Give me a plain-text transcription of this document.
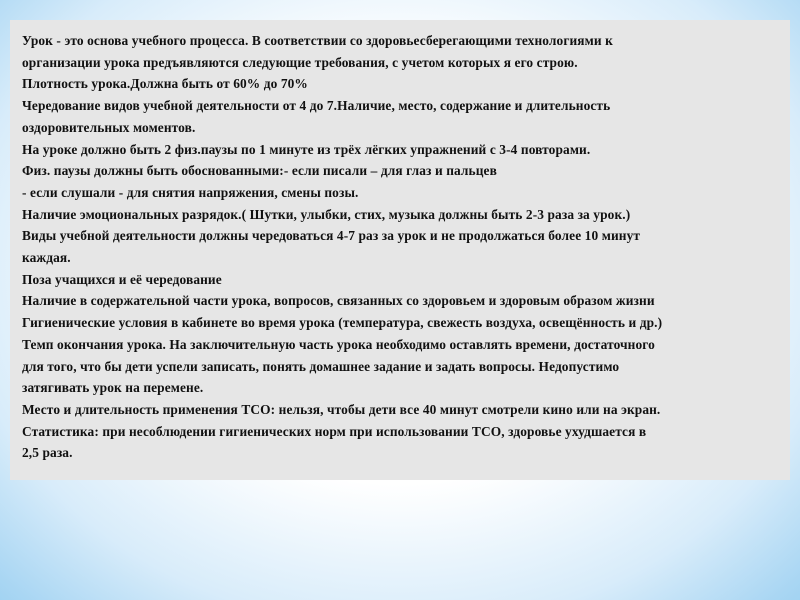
Урок - это основа учебного процесса. В соответствии со здоровьесберегающими технологиями к
организации урока предъявляются следующие требования, с учетом которых я его строю.
Плотность урока.Должна быть от 60% до 70%
Чередование видов учебной деятельности от 4 до 7.Наличие, место, содержание и длительность
оздоровительных моментов.
На уроке должно быть 2 физ.паузы по 1 минуте из трёх лёгких упражнений с 3-4 повторами.
Физ. паузы должны быть обоснованными:- если писали – для глаз и пальцев
- если слушали - для снятия напряжения, смены позы.
Наличие эмоциональных разрядок.( Шутки, улыбки, стих, музыка должны быть 2-3 раза за урок.)
Виды учебной деятельности должны чередоваться 4-7 раз за урок и не продолжаться более 10 минут
каждая.
Поза учащихся и её чередование
Наличие в содержательной части урока, вопросов, связанных со здоровьем и здоровым образом жизни
Гигиенические условия в кабинете во время урока (температура, свежесть воздуха, освещённость и др.)
Темп окончания урока. На заключительную часть урока необходимо оставлять времени, достаточного
для того, что бы дети успели записать, понять домашнее задание и задать вопросы. Недопустимо
затягивать урок на перемене.
Место и длительность применения ТСО: нельзя, чтобы дети все 40 минут смотрели кино или на экран.
Статистика: при несоблюдении гигиенических норм при использовании ТСО, здоровье ухудшается в
2,5 раза.
